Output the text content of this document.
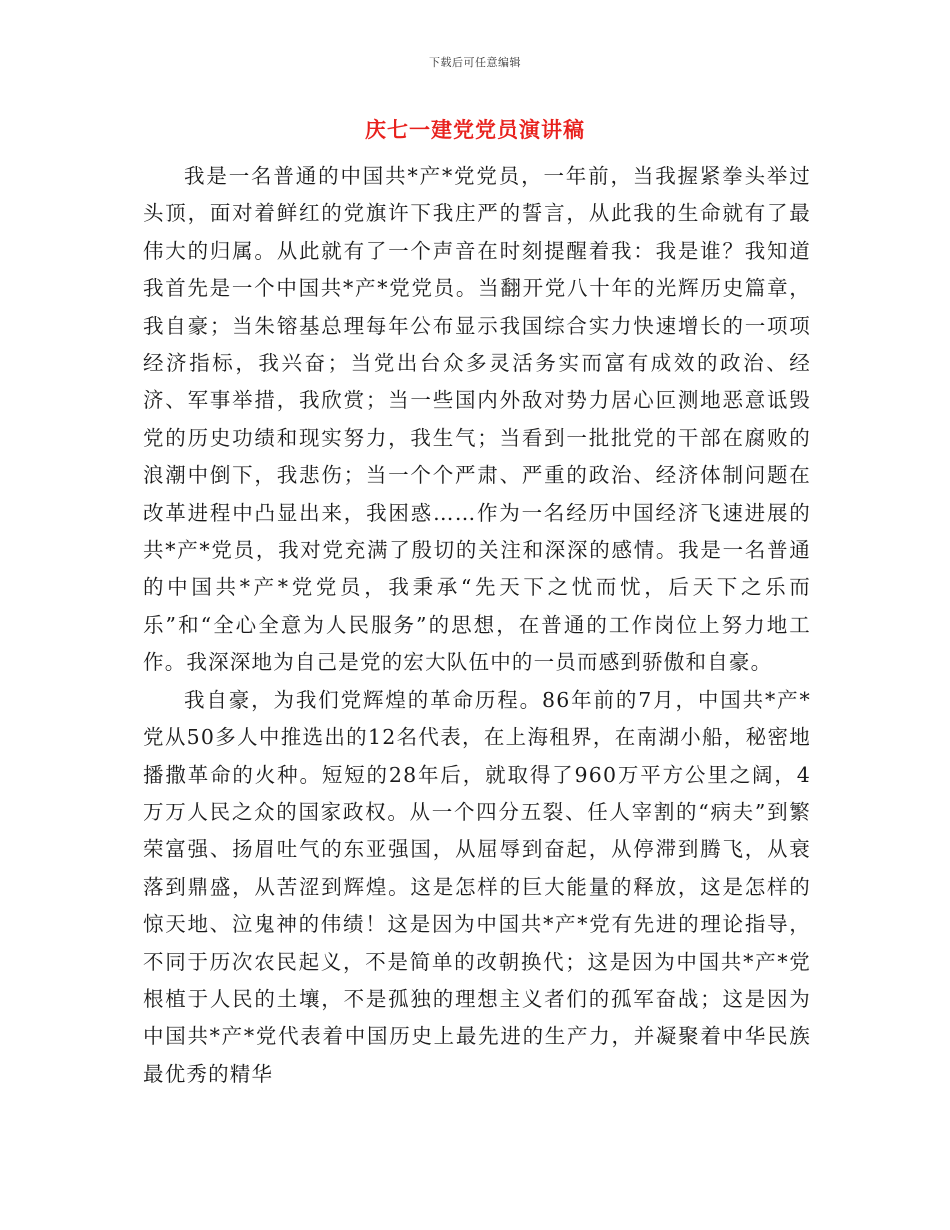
下载后可任意编辑
庆七一建党党员演讲稿

我是一名普通的中国共*产*党党员，一年前，当我握紧拳头举过头顶，面对着鲜红的党旗许下我庄严的誓言，从此我的生命就有了最伟大的归属。从此就有了一个声音在时刻提醒着我：我是谁？我知道我首先是一个中国共*产*党党员。当翻开党八十年的光辉历史篇章，我自豪；当朱镕基总理每年公布显示我国综合实力快速增长的一项项经济指标，我兴奋；当党出台众多灵活务实而富有成效的政治、经济、军事举措，我欣赏；当一些国内外敌对势力居心叵测地恶意诋毁党的历史功绩和现实努力，我生气；当看到一批批党的干部在腐败的浪潮中倒下，我悲伤；当一个个严肃、严重的政治、经济体制问题在改革进程中凸显出来，我困惑……作为一名经历中国经济飞速进展的共*产*党员，我对党充满了殷切的关注和深深的感情。我是一名普通的中国共*产*党党员，我秉承“先天下之忧而忧，后天下之乐而乐”和“全心全意为人民服务”的思想，在普通的工作岗位上努力地工作。我深深地为自己是党的宏大队伍中的一员而感到骄傲和自豪。

我自豪，为我们党辉煌的革命历程。86年前的7月，中国共*产*党从50多人中推选出的12名代表，在上海租界，在南湖小船，秘密地播撒革命的火种。短短的28年后，就取得了960万平方公里之阔，4万万人民之众的国家政权。从一个四分五裂、任人宰割的“病夫”到繁荣富强、扬眉吐气的东亚强国，从屈辱到奋起，从停滞到腾飞，从衰落到鼎盛，从苦涩到辉煌。这是怎样的巨大能量的释放，这是怎样的惊天地、泣鬼神的伟绩！这是因为中国共*产*党有先进的理论指导，不同于历次农民起义，不是简单的改朝换代；这是因为中国共*产*党根植于人民的土壤，不是孤独的理想主义者们的孤军奋战；这是因为中国共*产*党代表着中国历史上最先进的生产力，并凝聚着中华民族最优秀的精华
